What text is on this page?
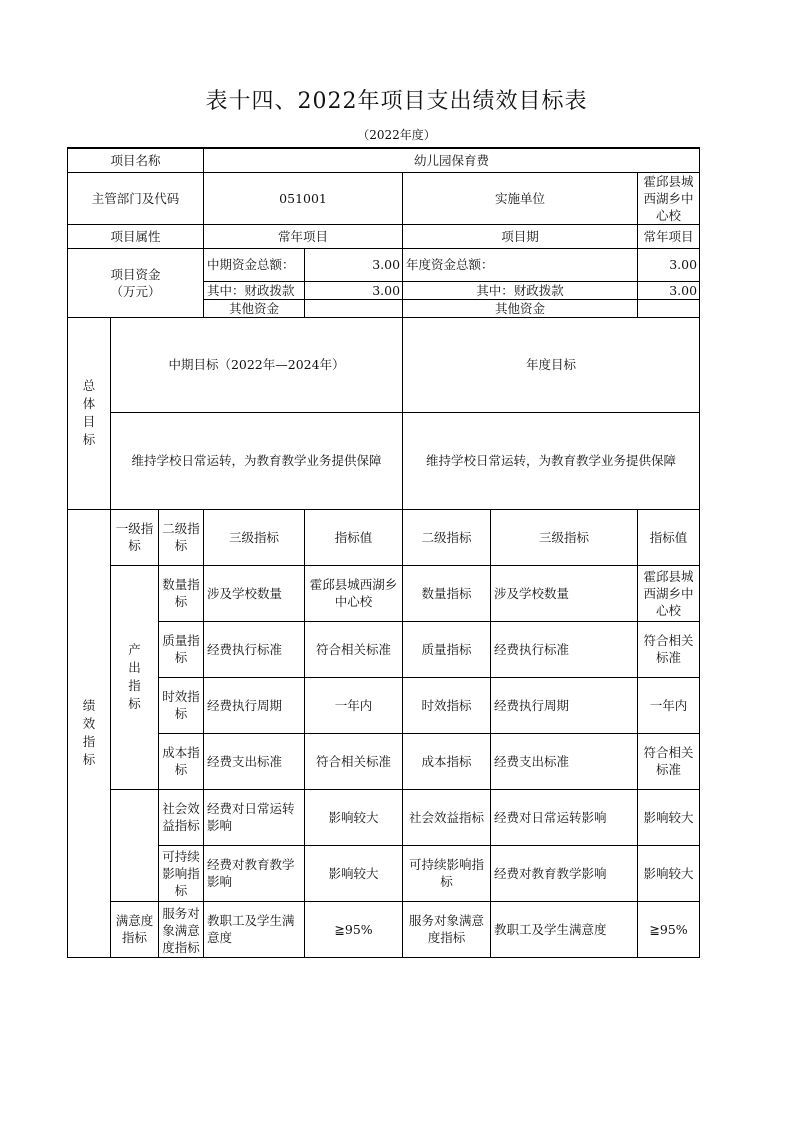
表十四、2022年项目支出绩效目标表
（2022年度）
项目名称			幼儿园保育费				
主管部门及代码			051001		实施单位		霍邱县城西湖乡中心校
项目属性			常年项目		项目期		常年项目

项目资金
（万元）			中期资金总额：	3.00	年度资金总额：		3.00
			其中：财政拨款	3.00	其中：财政拨款		3.00
			其他资金		其他资金		

总体目标	中期目标（2022年—2024年）				年度目标		
	维持学校日常运转，为教育教学业务提供保障				维持学校日常运转，为教育教学业务提供保障		

绩效指标	一级指标	二级指标	三级指标	指标值	二级指标	三级指标	指标值

	产出指标	数量指标	涉及学校数量	霍邱县城西湖乡中心校	数量指标	涉及学校数量	霍邱县城西湖乡中心校
		质量指标	经费执行标准	符合相关标准	质量指标	经费执行标准	符合相关标准
		时效指标	经费执行周期	一年内	时效指标	经费执行周期	一年内
		成本指标	经费支出标准	符合相关标准	成本指标	经费支出标准	符合相关标准
		社会效益指标	经费对日常运转影响	影响较大	社会效益指标	经费对日常运转影响	影响较大
		可持续影响指标	经费对教育教学影响	影响较大	可持续影响指标	经费对教育教学影响	影响较大
	满意度指标	服务对象满意度指标	教职工及学生满意度	≧95%	服务对象满意度指标	教职工及学生满意度	≧95%
